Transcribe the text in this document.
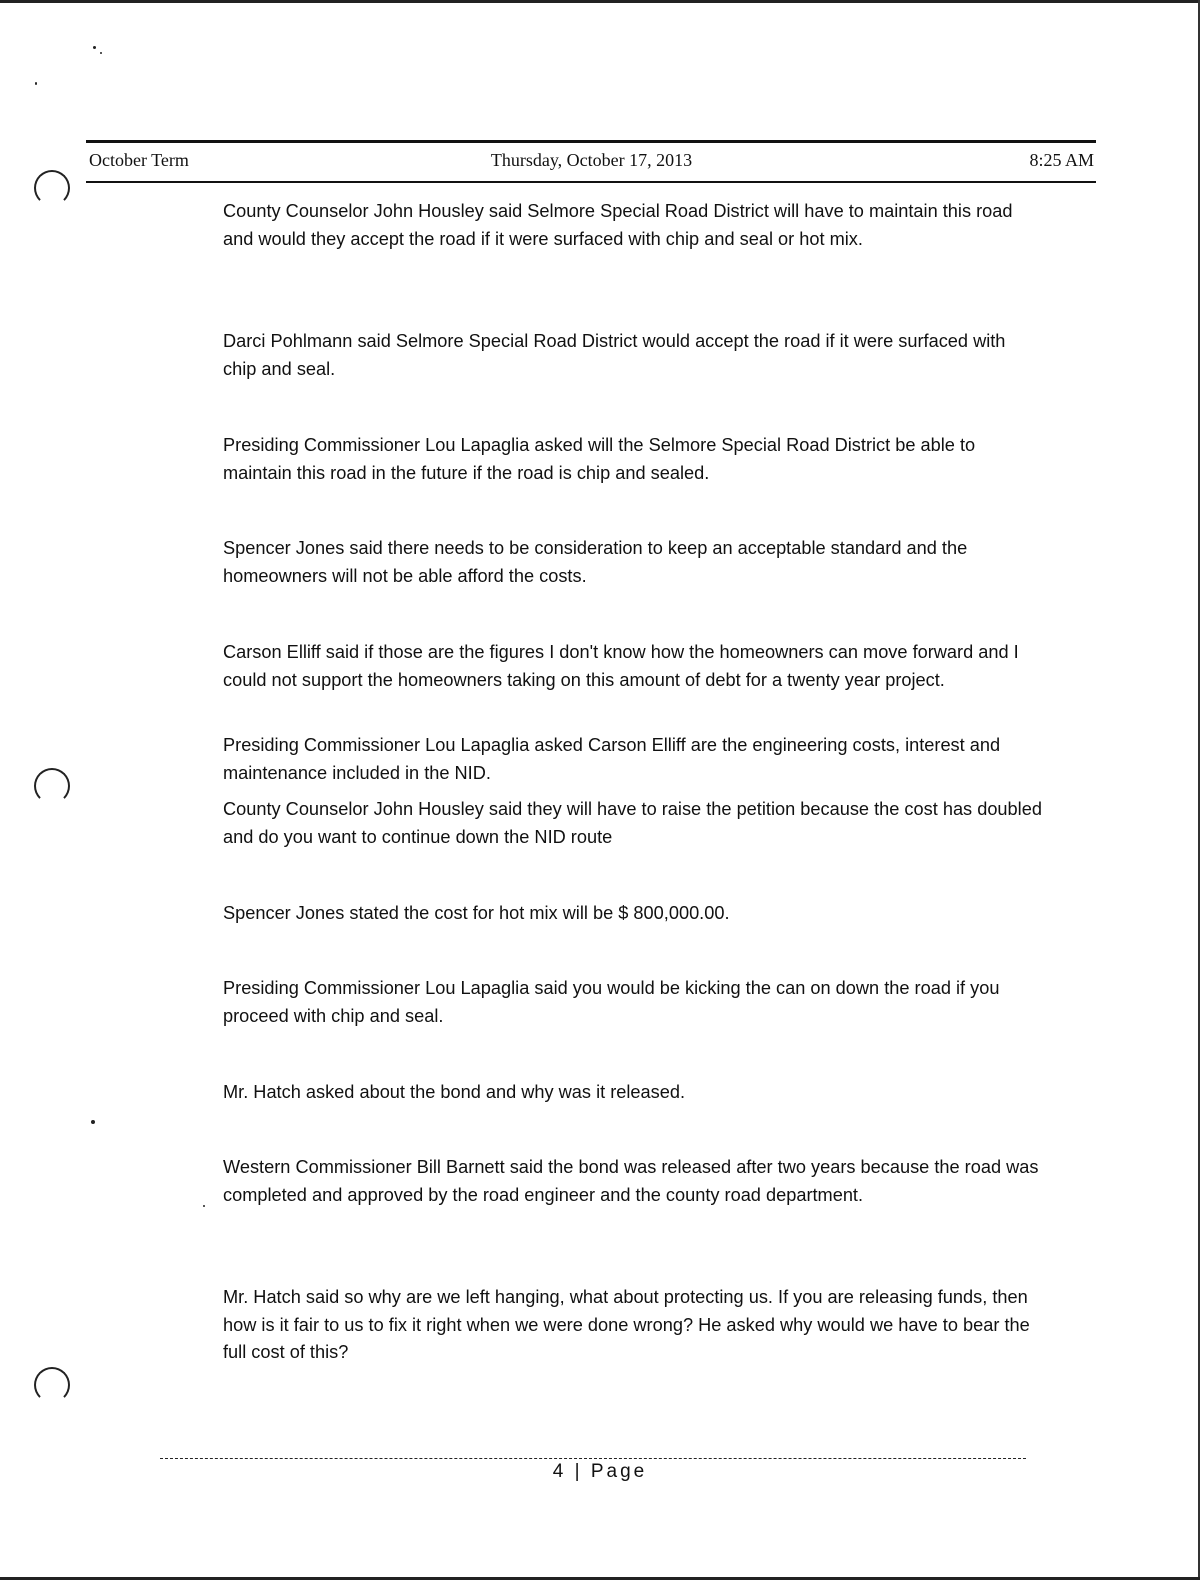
October Term	Thursday, October 17, 2013	8:25 AM

County Counselor John Housley said Selmore Special Road District will have to maintain this road and would they accept the road if it were surfaced with chip and seal or hot mix.

Darci Pohlmann said Selmore Special Road District would accept the road if it were surfaced with chip and seal.

Presiding Commissioner Lou Lapaglia asked will the Selmore Special Road District be able to maintain this road in the future if the road is chip and sealed.

Spencer Jones said there needs to be consideration to keep an acceptable standard and the homeowners will not be able afford the costs.

Carson Elliff said if those are the figures I don't know how the homeowners can move forward and I could not support the homeowners taking on this amount of debt for a twenty year project.

Presiding Commissioner Lou Lapaglia asked Carson Elliff are the engineering costs, interest and maintenance included in the NID.

County Counselor John Housley said they will have to raise the petition because the cost has doubled and do you want to continue down the NID route

Spencer Jones stated the cost for hot mix will be $ 800,000.00.

Presiding Commissioner Lou Lapaglia said you would be kicking the can on down the road if you proceed with chip and seal.

Mr. Hatch asked about the bond and why was it released.

Western Commissioner Bill Barnett said the bond was released after two years because the road was completed and approved by the road engineer and the county road department.

Mr. Hatch said so why are we left hanging, what about protecting us. If you are releasing funds, then how is it fair to us to fix it right when we were done wrong? He asked why would we have to bear the full cost of this?

4 | Page
